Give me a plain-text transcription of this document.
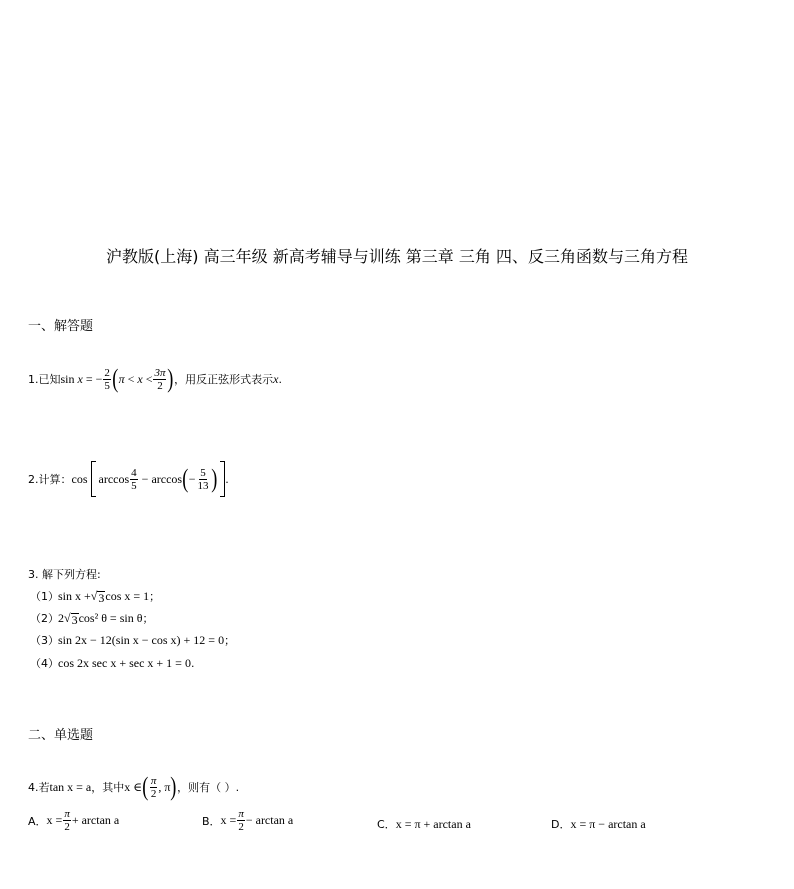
沪教版(上海) 高三年级 新高考辅导与训练 第三章 三角 四、反三角函数与三角方程
一、解答题
1. 已知 sin x = − $\frac{2}{5}$ ( $\pi < x < \frac{3\pi}{2}$ ) ，用反正弦形式表示 x .
2. 计算： $\cos \arccos \frac{4}{5} - \arccos$ ( − $\frac{5}{13}$ ) .
3. 解下列方程:
（1） sin x + √ 3 cos x = 1 ；
（2） 2 √ 3 cos² θ = sin θ ；
（3） sin 2x − 12(sin x − cos x) + 12 = 0 ；
（4） cos 2x sec x + sec x + 1 = 0 .
二、单选题
4. 若 tan x = a ，其中 x ∈ ( $\frac{\pi}{2}$ , π ) ，则有（ ）.
A． $x = \frac{\pi}{2} + \arctan a$	B． $x = \frac{\pi}{2} - \arctan a$	C． x = π + arctan a	D． x = π − arctan a
